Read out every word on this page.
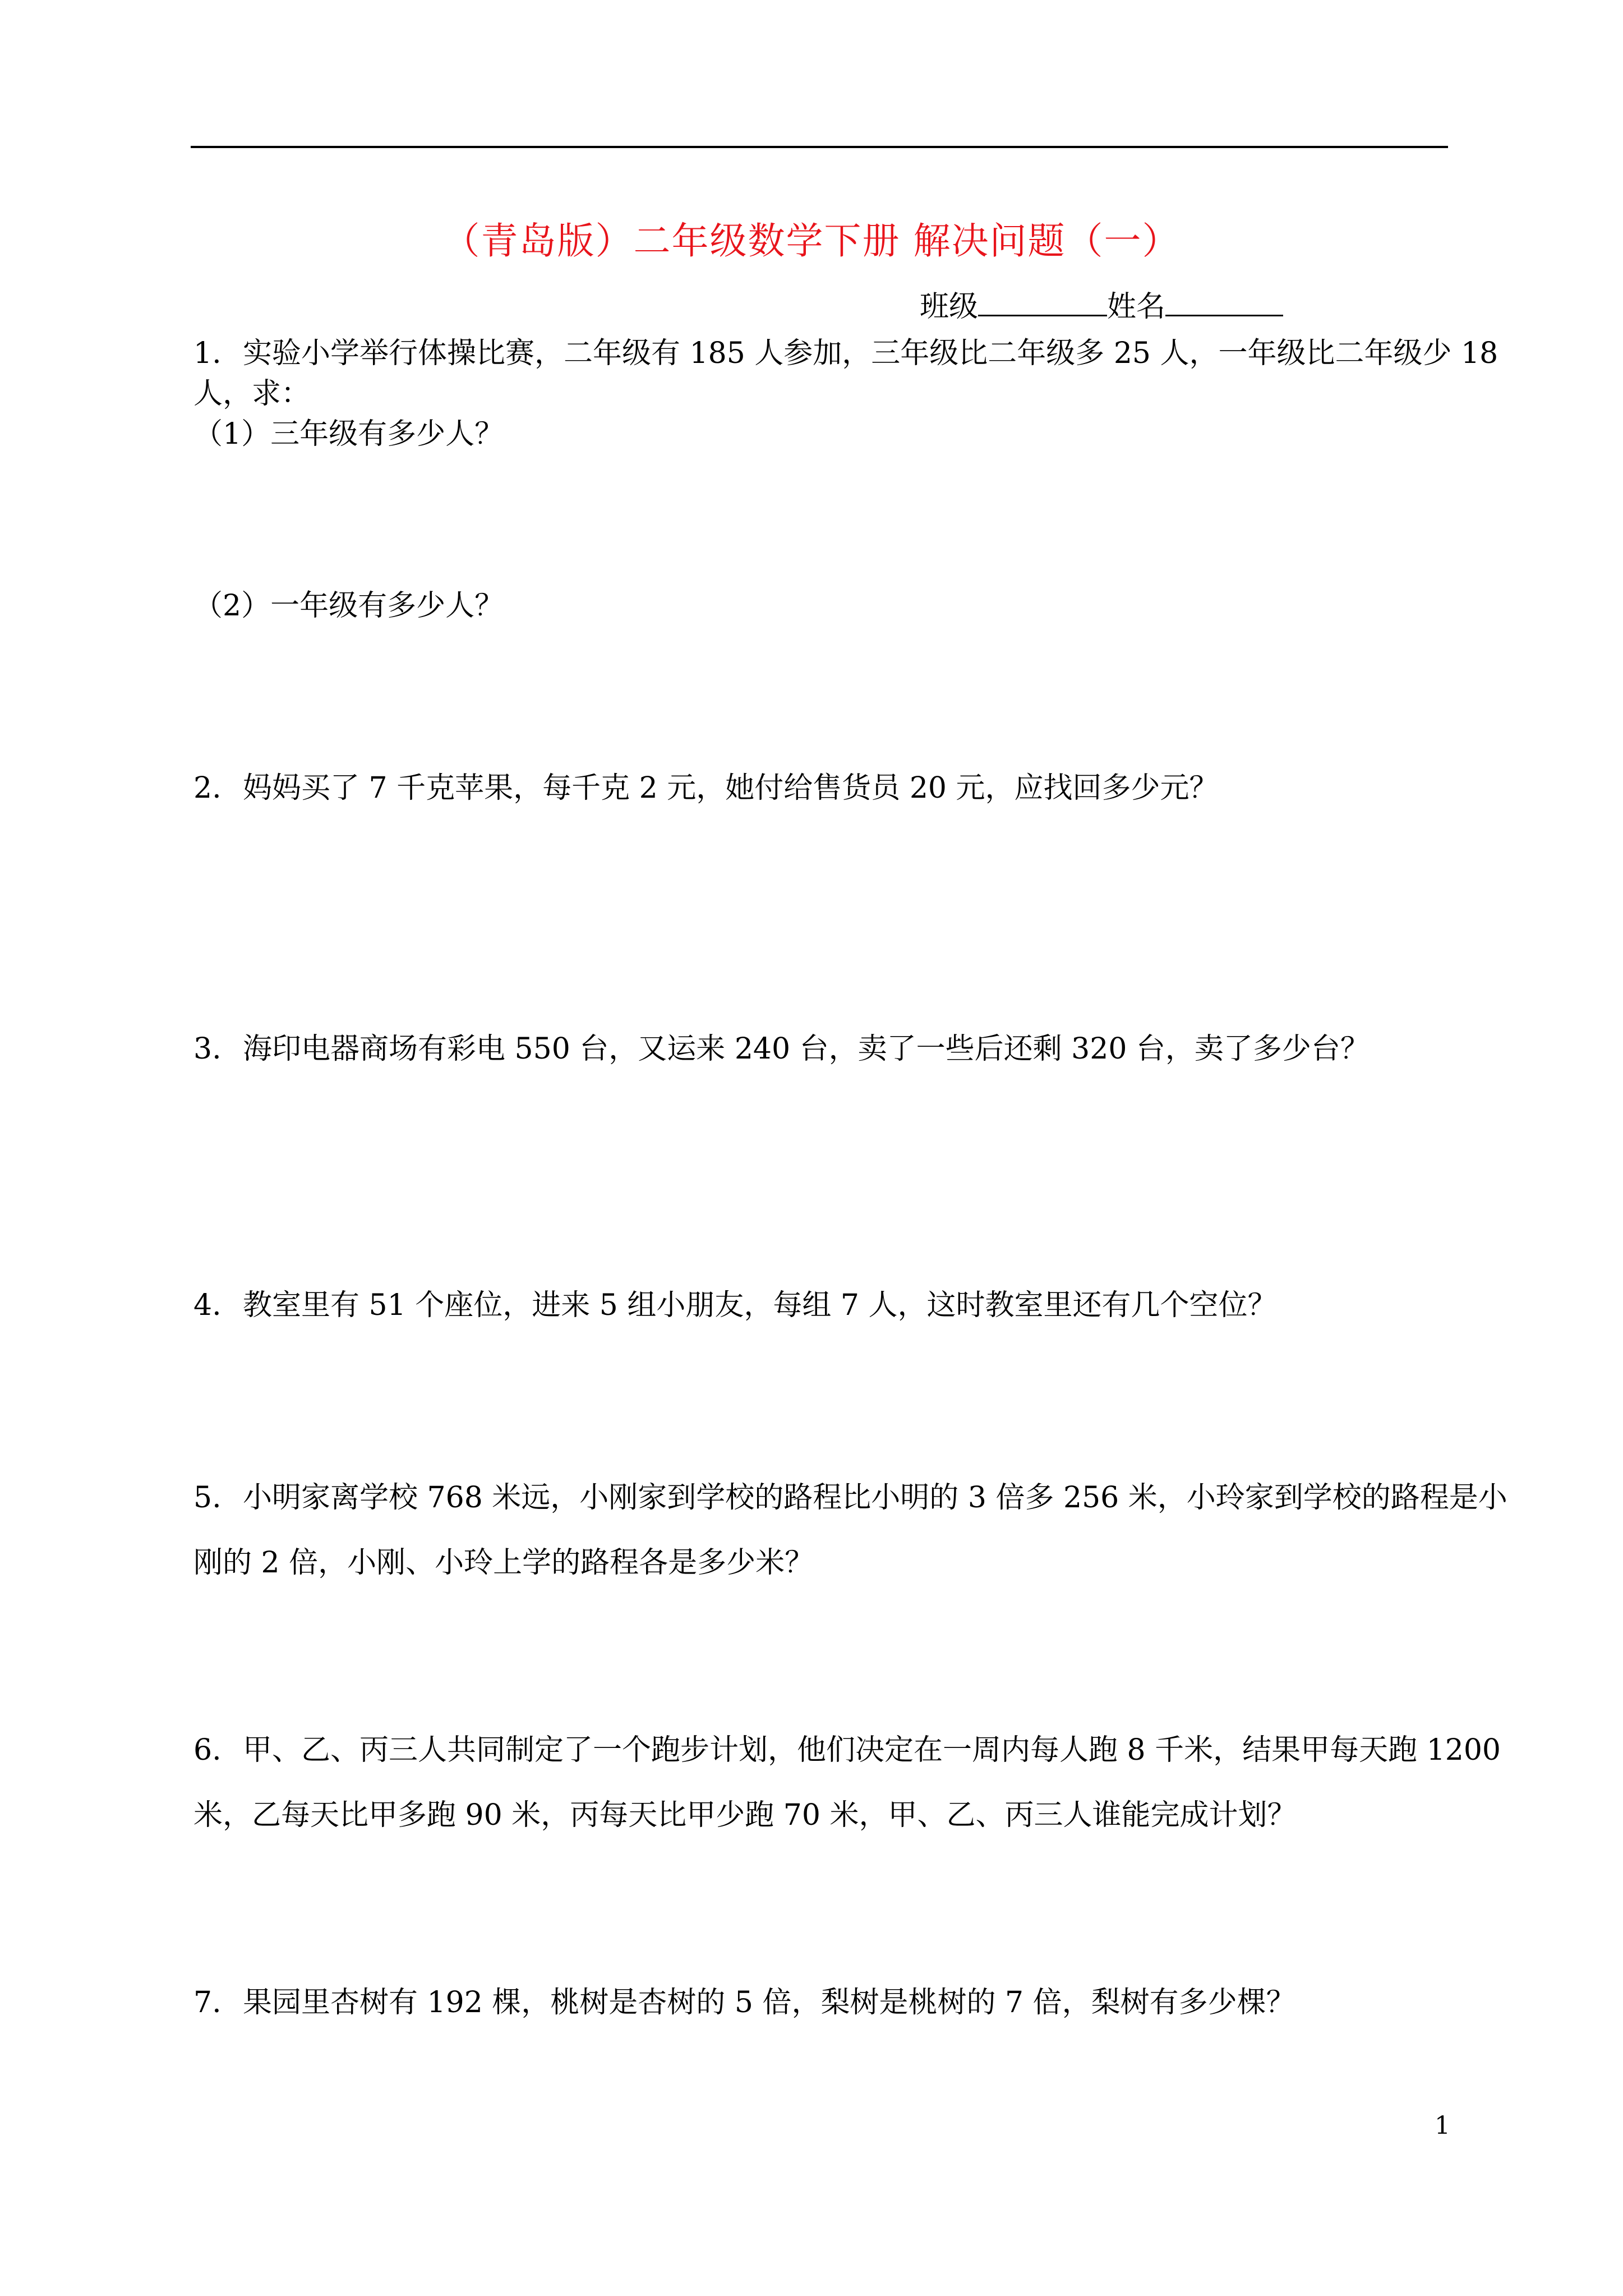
（青岛版）二年级数学下册 解决问题（一）
班级	姓名
1. 实验小学举行体操比赛，二年级有 185 人参加，三年级比二年级多 25 人，一年级比二年级少 18
人，求：
（1）三年级有多少人？
（2）一年级有多少人？
2. 妈妈买了 7 千克苹果，每千克 2 元，她付给售货员 20 元，应找回多少元？
3. 海印电器商场有彩电 550 台，又运来 240 台，卖了一些后还剩 320 台，卖了多少台？
4. 教室里有 51 个座位，进来 5 组小朋友，每组 7 人，这时教室里还有几个空位？
5. 小明家离学校 768 米远，小刚家到学校的路程比小明的 3 倍多 256 米，小玲家到学校的路程是小
刚的 2 倍，小刚、小玲上学的路程各是多少米？
6. 甲、乙、丙三人共同制定了一个跑步计划，他们决定在一周内每人跑 8 千米，结果甲每天跑 1200
米，乙每天比甲多跑 90 米，丙每天比甲少跑 70 米，甲、乙、丙三人谁能完成计划？
7. 果园里杏树有 192 棵，桃树是杏树的 5 倍，梨树是桃树的 7 倍，梨树有多少棵？
1
